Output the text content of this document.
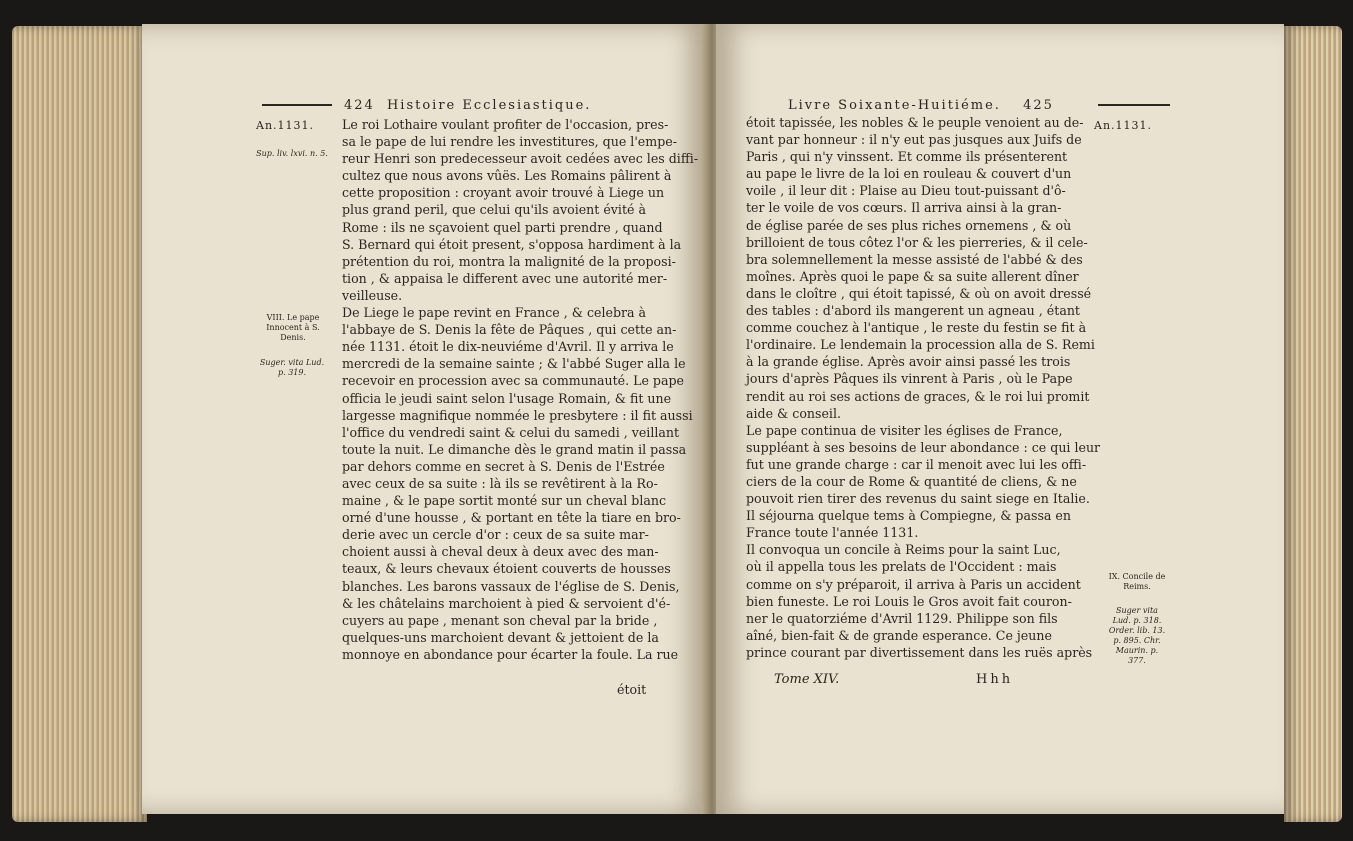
424 Histoire Ecclesiastique.
An.1131.
Sup. liv. lxvi. n. 5.
VIII. Le pape Innocent à S. Denis.
Suger. vita Lud. p. 319.
Le roi Lothaire voulant profiter de l'occasion, pres-
sa le pape de lui rendre les investitures, que l'empe-
reur Henri son predecesseur avoit cedées avec les diffi-
cultez que nous avons vûës. Les Romains pâlirent à
cette proposition : croyant avoir trouvé à Liege un
plus grand peril, que celui qu'ils avoient évité à
Rome : ils ne sçavoient quel parti prendre , quand
S. Bernard qui étoit present, s'opposa hardiment à la
prétention du roi, montra la malignité de la proposi-
tion , & appaisa le different avec une autorité mer-
veilleuse.
De Liege le pape revint en France , & celebra à
l'abbaye de S. Denis la fête de Pâques , qui cette an-
née 1131. étoit le dix-neuviéme d'Avril. Il y arriva le
mercredi de la semaine sainte ; & l'abbé Suger alla le
recevoir en procession avec sa communauté. Le pape
officia le jeudi saint selon l'usage Romain, & fit une
largesse magnifique nommée le presbytere : il fit aussi
l'office du vendredi saint & celui du samedi , veillant
toute la nuit. Le dimanche dès le grand matin il passa
par dehors comme en secret à S. Denis de l'Estrée
avec ceux de sa suite : là ils se revêtirent à la Ro-
maine , & le pape sortit monté sur un cheval blanc
orné d'une housse , & portant en tête la tiare en bro-
derie avec un cercle d'or : ceux de sa suite mar-
choient aussi à cheval deux à deux avec des man-
teaux, & leurs chevaux étoient couverts de housses
blanches. Les barons vassaux de l'église de S. Denis,
& les châtelains marchoient à pied & servoient d'é-
cuyers au pape , menant son cheval par la bride ,
quelques-uns marchoient devant & jettoient de la
monnoye en abondance pour écarter la foule. La rue
étoit
Livre Soixante-Huitiéme. 425
An.1131.
IX. Concile de Reims.
Suger vita Lud. p. 318. Order. lib. 13. p. 895. Chr. Maurin. p. 377.
étoit tapissée, les nobles & le peuple venoient au de-
vant par honneur : il n'y eut pas jusques aux Juifs de
Paris , qui n'y vinssent. Et comme ils présenterent
au pape le livre de la loi en rouleau & couvert d'un
voile , il leur dit : Plaise au Dieu tout-puissant d'ô-
ter le voile de vos cœurs. Il arriva ainsi à la gran-
de église parée de ses plus riches ornemens , & où
brilloient de tous côtez l'or & les pierreries, & il cele-
bra solemnellement la messe assisté de l'abbé & des
moînes. Après quoi le pape & sa suite allerent dîner
dans le cloître , qui étoit tapissé, & où on avoit dressé
des tables : d'abord ils mangerent un agneau , étant
comme couchez à l'antique , le reste du festin se fit à
l'ordinaire. Le lendemain la procession alla de S. Remi
à la grande église. Après avoir ainsi passé les trois
jours d'après Pâques ils vinrent à Paris , où le Pape
rendit au roi ses actions de graces, & le roi lui promit
aide & conseil.
Le pape continua de visiter les églises de France,
suppléant à ses besoins de leur abondance : ce qui leur
fut une grande charge : car il menoit avec lui les offi-
ciers de la cour de Rome & quantité de cliens, & ne
pouvoit rien tirer des revenus du saint siege en Italie.
Il séjourna quelque tems à Compiegne, & passa en
France toute l'année 1131.
Il convoqua un concile à Reims pour la saint Luc,
où il appella tous les prelats de l'Occident : mais
comme on s'y préparoit, il arriva à Paris un accident
bien funeste. Le roi Louis le Gros avoit fait couron-
ner le quatorziéme d'Avril 1129. Philippe son fils
aîné, bien-fait & de grande esperance. Ce jeune
prince courant par divertissement dans les ruës après
Tome XIV.	Hhh
